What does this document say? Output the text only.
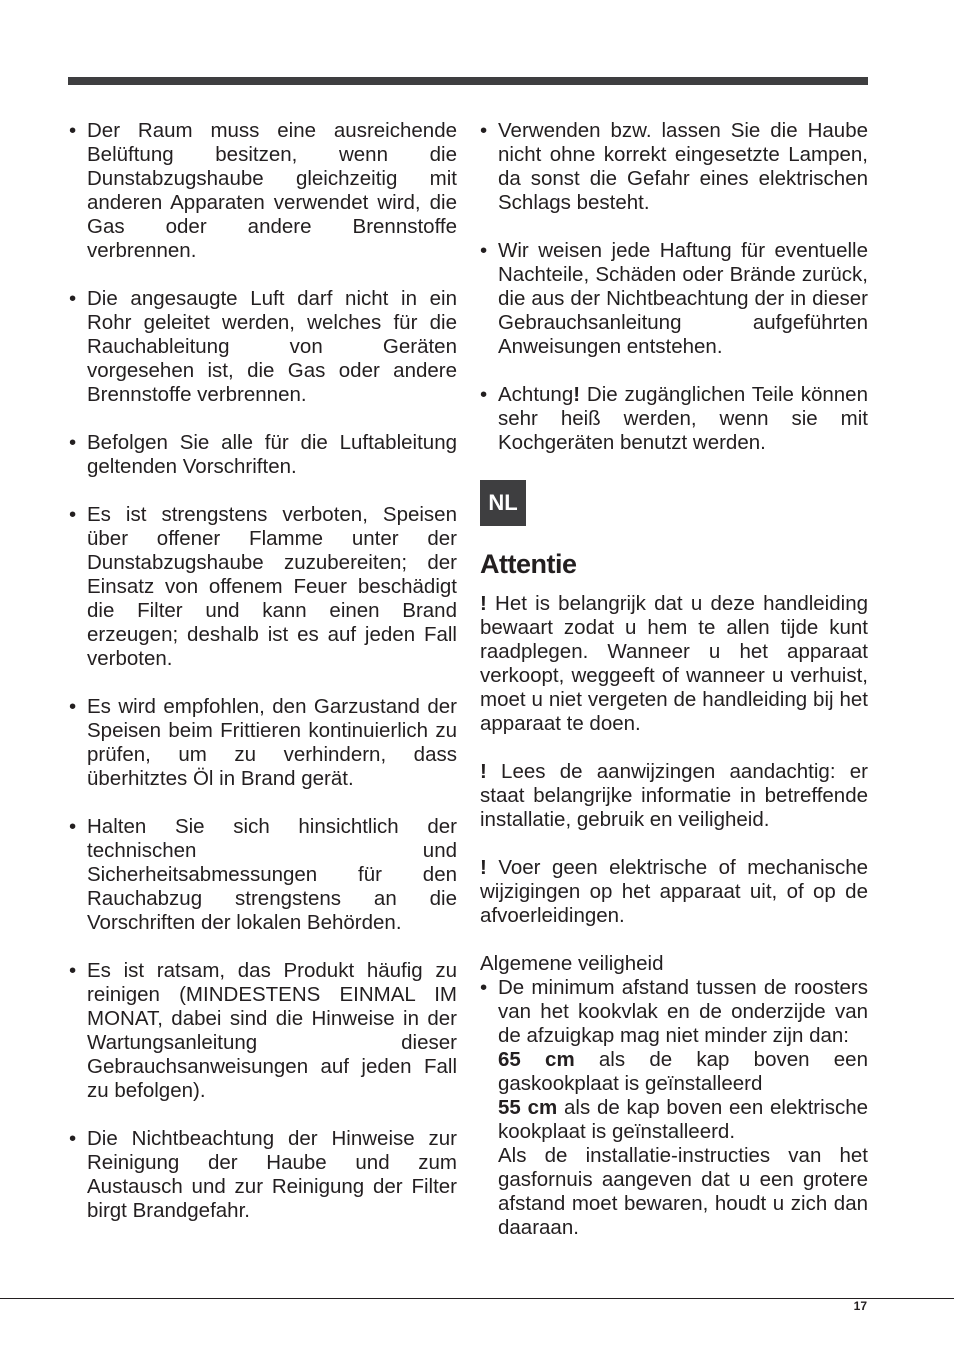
• Der Raum muss eine ausreichende Belüftung besitzen, wenn die Dunstabzugshaube gleichzeitig mit anderen Apparaten verwendet wird, die Gas oder andere Brennstoffe verbrennen.
• Die angesaugte Luft darf nicht in ein Rohr geleitet werden, welches für die Rauchableitung von Geräten vorgesehen ist, die Gas oder andere Brennstoffe verbrennen.
• Befolgen Sie alle für die Luftableitung geltenden Vorschriften.
• Es ist strengstens verboten, Speisen über offener Flamme unter der Dunstabzugshaube zuzubereiten; der Einsatz von offenem Feuer beschädigt die Filter und kann einen Brand erzeugen; deshalb ist es auf jeden Fall verboten.
• Es wird empfohlen, den Garzustand der Speisen beim Frittieren kontinuierlich zu prüfen, um zu verhindern, dass überhitztes Öl in Brand gerät.
• Halten Sie sich hinsichtlich der technischen und Sicherheitsabmessungen für den Rauchabzug strengstens an die Vorschriften der lokalen Behörden.
• Es ist ratsam, das Produkt häufig zu reinigen (MINDESTENS EINMAL IM MONAT, dabei sind die Hinweise in der Wartungsanleitung dieser Gebrauchsanweisungen auf jeden Fall zu befolgen).
• Die Nichtbeachtung der Hinweise zur Reinigung der Haube und zum Austausch und zur Reinigung der Filter birgt Brandgefahr.
• Verwenden bzw. lassen Sie die Haube nicht ohne korrekt eingesetzte Lampen, da sonst die Gefahr eines elektrischen Schlags besteht.
• Wir weisen jede Haftung für eventuelle Nachteile, Schäden oder Brände zurück, die aus der Nichtbeachtung der in dieser Gebrauchsanleitung aufgeführten Anweisungen entstehen.
• Achtung! Die zugänglichen Teile können sehr heiß werden, wenn sie mit Kochgeräten benutzt werden.
NL
Attentie

! Het is belangrijk dat u deze handleiding bewaart zodat u hem te allen tijde kunt raadplegen. Wanneer u het apparaat verkoopt, weggeeft of wanneer u verhuist, moet u niet vergeten de handleiding bij het apparaat te doen.

! Lees de aanwijzingen aandachtig: er staat belangrijke informatie in betreffende installatie, gebruik en veiligheid.

! Voer geen elektrische of mechanische wijzigingen op het apparaat uit, of op de afvoerleidingen.

Algemene veiligheid
• De minimum afstand tussen de roosters van het kookvlak en de onderzijde van de afzuigkap mag niet minder zijn dan:
65 cm als de kap boven een gaskookplaat is geïnstalleerd
55 cm als de kap boven een elektrische kookplaat is geïnstalleerd.
Als de installatie-instructies van het gasfornuis aangeven dat u een grotere afstand moet bewaren, houdt u zich dan daaraan.
17
